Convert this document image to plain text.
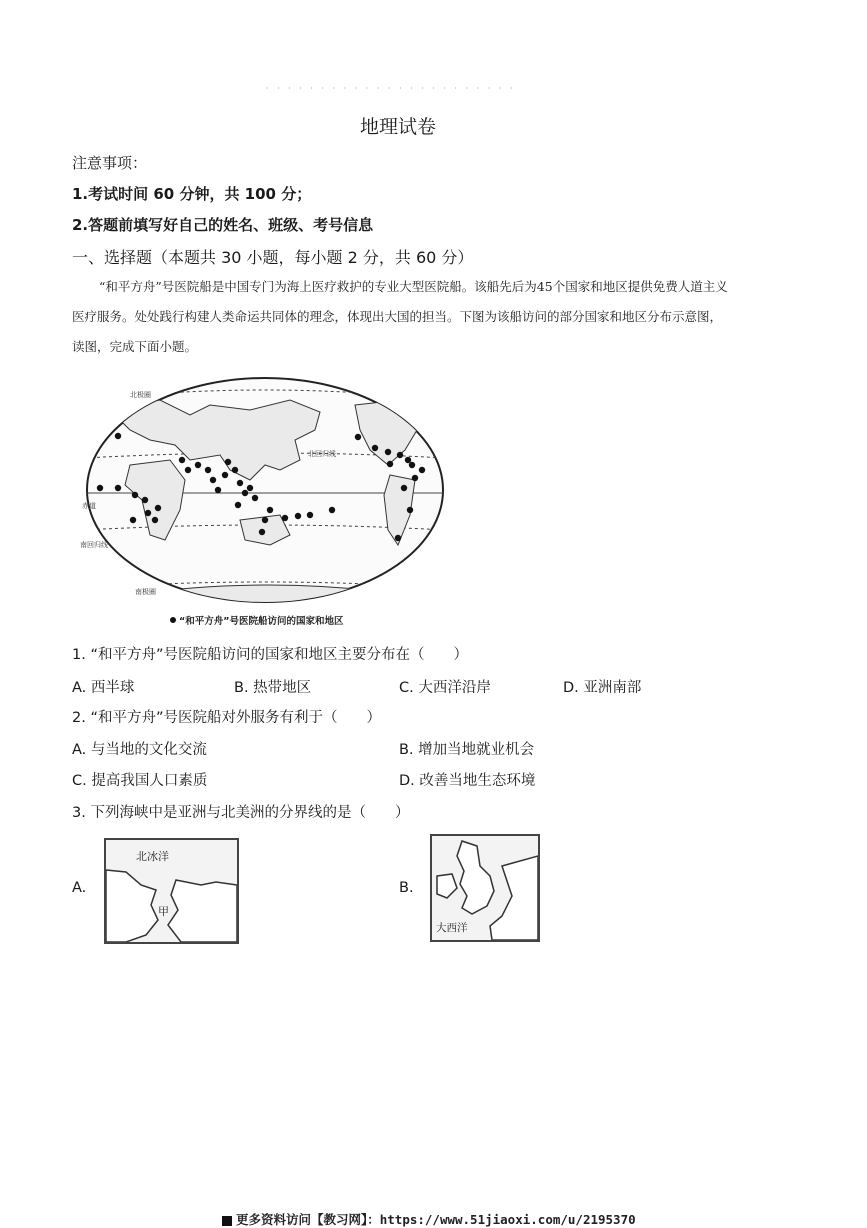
· · · · · · · · · · · · · · · · · · · · · · ·
地理试卷
注意事项：
1.考试时间 60 分钟，共 100 分；
2.答题前填写好自己的姓名、班级、考号信息
一、选择题（本题共 30 小题，每小题 2 分，共 60 分）
“和平方舟”号医院船是中国专门为海上医疗救护的专业大型医院船。该船先后为45个国家和地区提供免费人道主义医疗服务。处处践行构建人类命运共同体的理念，体现出大国的担当。下图为该船访问的部分国家和地区分布示意图，读图，完成下面小题。
北极圈
北回归线
赤道
南回归线
南极圈
“和平方舟”号医院船访问的国家和地区
1. “和平方舟”号医院船访问的国家和地区主要分布在（　　）
A. 西半球	B. 热带地区	C. 大西洋沿岸	D. 亚洲南部
2. “和平方舟”号医院船对外服务有利于（　　）
A. 与当地的文化交流	B. 增加当地就业机会
C. 提高我国人口素质	D. 改善当地生态环境
3. 下列海峡中是亚洲与北美洲的分界线的是（　　）
A.
北冰洋
甲
B.
大西洋
更多资料访问【教习网】：https://www.51jiaoxi.com/u/2195370
